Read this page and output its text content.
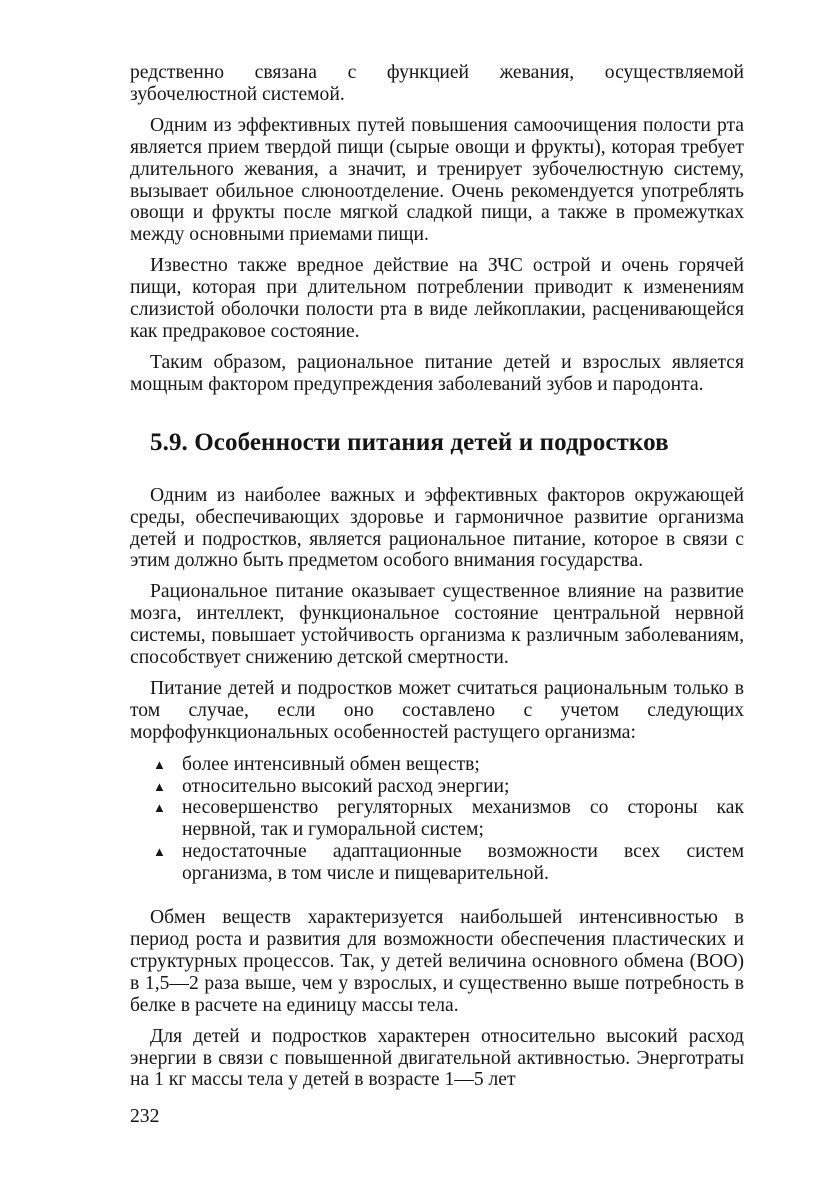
редственно связана с функцией жевания, осуществляемой зубочелюстной системой.

Одним из эффективных путей повышения самоочищения полости рта является прием твердой пищи (сырые овощи и фрукты), которая требует длительного жевания, а значит, и тренирует зубочелюстную систему, вызывает обильное слюноотделение. Очень рекомендуется употреблять овощи и фрукты после мягкой сладкой пищи, а также в промежутках между основными приемами пищи.

Известно также вредное действие на ЗЧС острой и очень горячей пищи, которая при длительном потреблении приводит к изменениям слизистой оболочки полости рта в виде лейкоплакии, расценивающейся как предраковое состояние.

Таким образом, рациональное питание детей и взрослых является мощным фактором предупреждения заболеваний зубов и пародонта.

5.9. Особенности питания детей и подростков

Одним из наиболее важных и эффективных факторов окружающей среды, обеспечивающих здоровье и гармоничное развитие организма детей и подростков, является рациональное питание, которое в связи с этим должно быть предметом особого внимания государства.

Рациональное питание оказывает существенное влияние на развитие мозга, интеллект, функциональное состояние центральной нервной системы, повышает устойчивость организма к различным заболеваниям, способствует снижению детской смертности.

Питание детей и подростков может считаться рациональным только в том случае, если оно составлено с учетом следующих морфофункциональных особенностей растущего организма:

▲ более интенсивный обмен веществ;
▲ относительно высокий расход энергии;
▲ несовершенство регуляторных механизмов со стороны как нервной, так и гуморальной систем;
▲ недостаточные адаптационные возможности всех систем организма, в том числе и пищеварительной.

Обмен веществ характеризуется наибольшей интенсивностью в период роста и развития для возможности обеспечения пластических и структурных процессов. Так, у детей величина основного обмена (ВОО) в 1,5—2 раза выше, чем у взрослых, и существенно выше потребность в белке в расчете на единицу массы тела.

Для детей и подростков характерен относительно высокий расход энергии в связи с повышенной двигательной активностью. Энерготраты на 1 кг массы тела у детей в возрасте 1—5 лет

232
